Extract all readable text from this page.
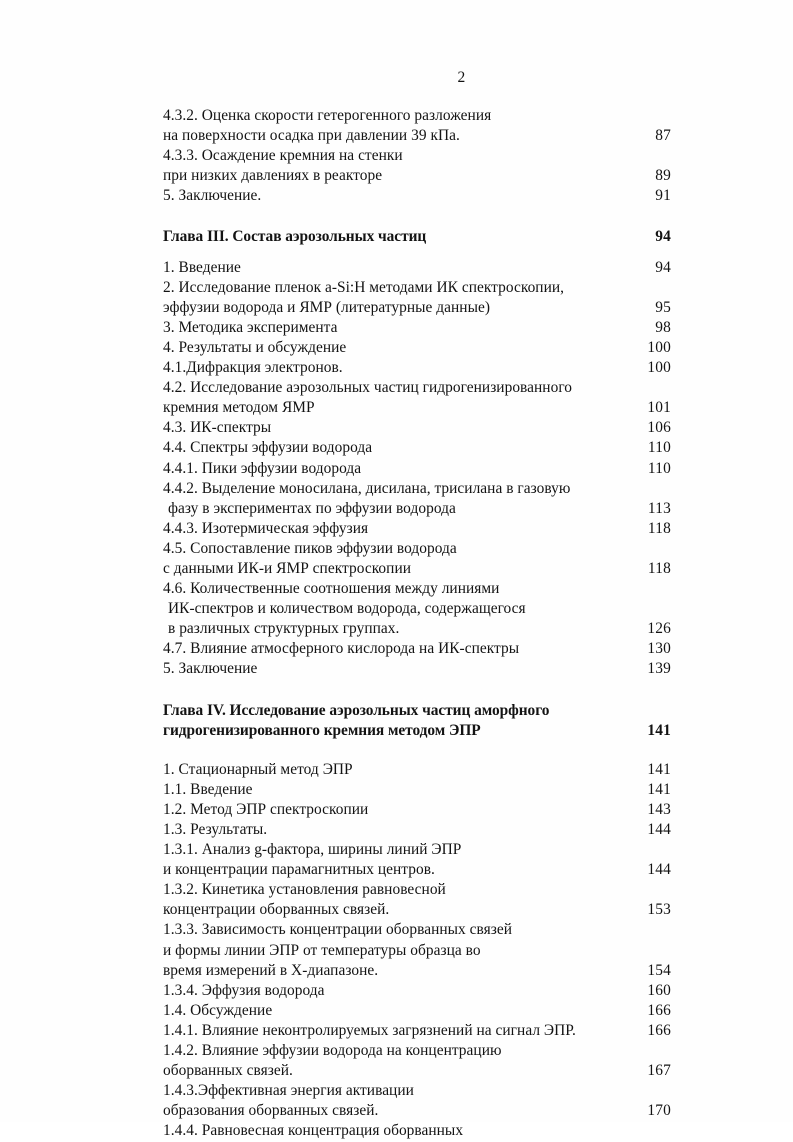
2
4.3.2. Оценка скорости гетерогенного разложения
на поверхности осадка при давлении 39 кПа.	87
4.3.3. Осаждение кремния на стенки
при низких давлениях в реакторе	89
5. Заключение.	91
Глава III. Состав аэрозольных частиц	94
1. Введение	94
2. Исследование пленок a-Si:H методами ИК спектроскопии,
эффузии водорода и ЯМР (литературные данные)	95
3. Методика эксперимента	98
4. Результаты и обсуждение	100
4.1.Дифракция электронов.	100
4.2. Исследование аэрозольных частиц гидрогенизированного
кремния методом ЯМР	101
4.3. ИК-спектры	106
4.4. Спектры эффузии водорода	110
4.4.1. Пики эффузии водорода	110
4.4.2. Выделение моносилана, дисилана, трисилана в газовую
фазу в экспериментах по эффузии водорода	113
4.4.3. Изотермическая эффузия	118
4.5. Сопоставление пиков эффузии водорода
с данными ИК-и ЯМР спектроскопии	118
4.6. Количественные соотношения между линиями
ИК-спектров и количеством водорода, содержащегося
в различных структурных группах.	126
4.7. Влияние атмосферного кислорода на ИК-спектры	130
5. Заключение	139
Глава IV. Исследование аэрозольных частиц аморфного
гидрогенизированного кремния методом ЭПР	141
1. Стационарный метод ЭПР	141
1.1. Введение	141
1.2. Метод ЭПР спектроскопии	143
1.3. Результаты.	144
1.3.1. Анализ g-фактора, ширины линий ЭПР
и концентрации парамагнитных центров.	144
1.3.2. Кинетика установления равновесной
концентрации оборванных связей.	153
1.3.3. Зависимость концентрации оборванных связей
и формы линии ЭПР от температуры образца во
время измерений в Х-диапазоне.	154
1.3.4. Эффузия водорода	160
1.4. Обсуждение	166
1.4.1. Влияние неконтролируемых загрязнений на сигнал ЭПР.	166
1.4.2. Влияние эффузии водорода на концентрацию
оборванных связей.	167
1.4.3.Эффективная энергия активации
образования оборванных связей.	170
1.4.4. Равновесная концентрация оборванных
